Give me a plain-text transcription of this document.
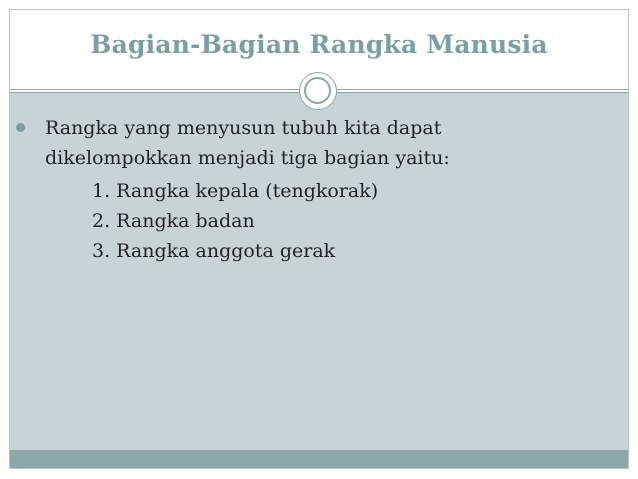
Bagian-Bagian Rangka Manusia
Rangka yang menyusun tubuh kita dapat
dikelompokkan menjadi tiga bagian yaitu:
1. Rangka kepala (tengkorak)
2. Rangka badan
3. Rangka anggota gerak
